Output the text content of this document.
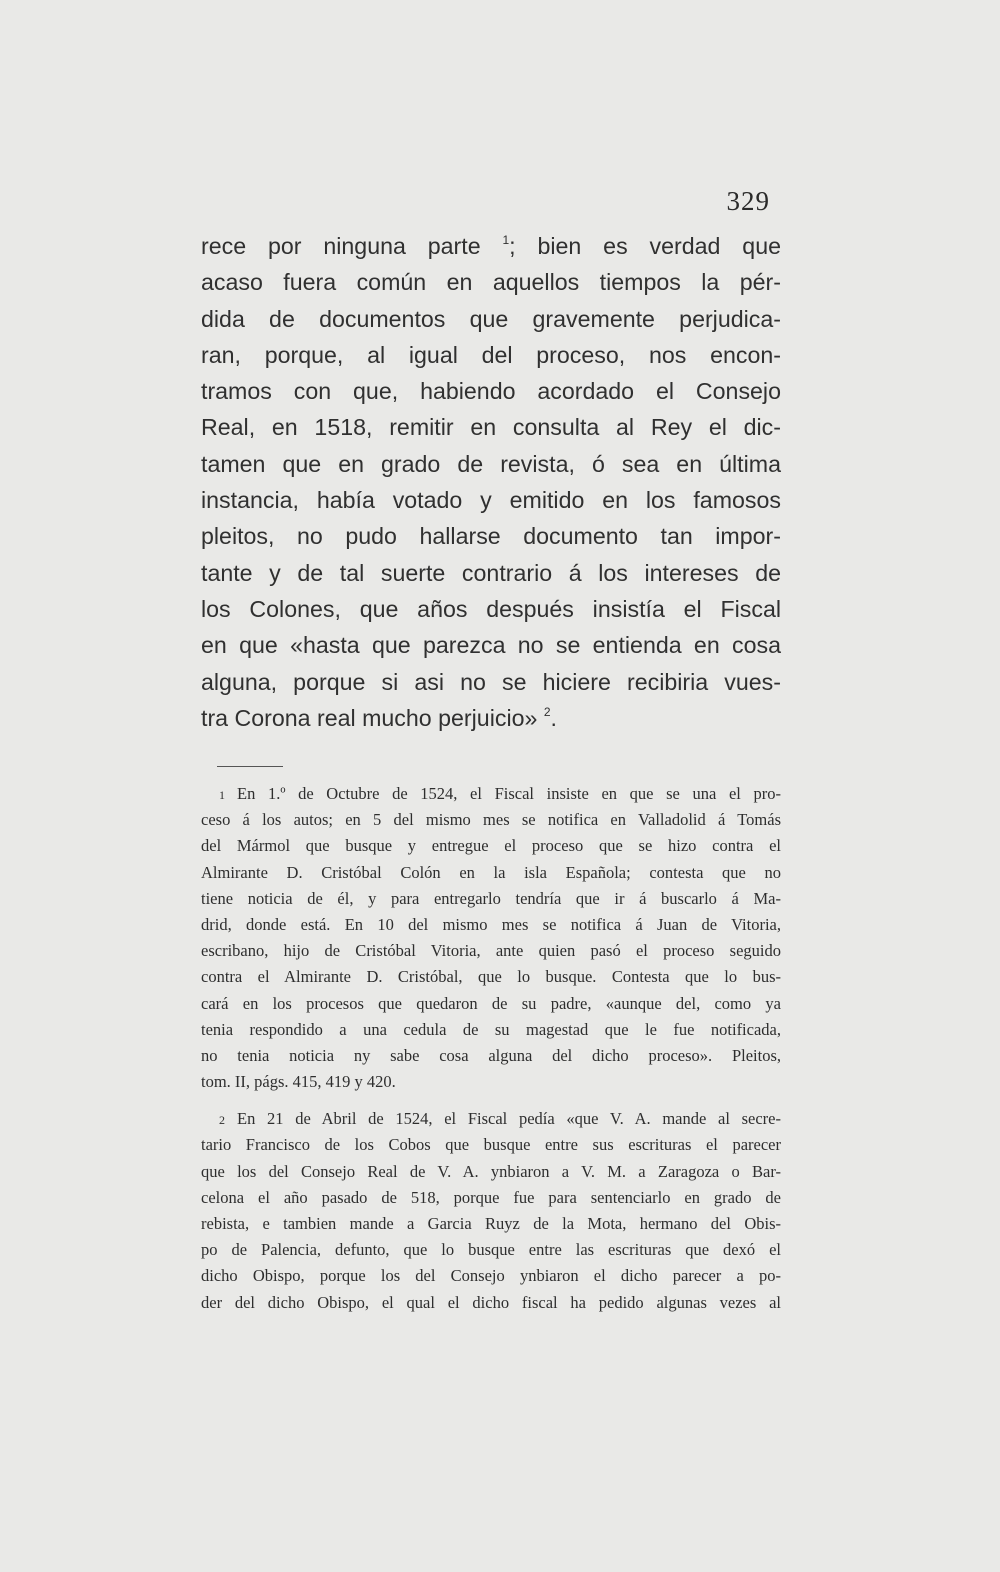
329
rece por ninguna parte $^1$; bien es verdad que
acaso fuera común en aquellos tiempos la pér-
dida de documentos que gravemente perjudica-
ran, porque, al igual del proceso, nos encon-
tramos con que, habiendo acordado el Consejo
Real, en 1518, remitir en consulta al Rey el dic-
tamen que en grado de revista, ó sea en última
instancia, había votado y emitido en los famosos
pleitos, no pudo hallarse documento tan impor-
tante y de tal suerte contrario á los intereses de
los Colones, que años después insistía el Fiscal
en que «hasta que parezca no se entienda en cosa
alguna, porque si asi no se hiciere recibiria vues-
tra Corona real mucho perjuicio» $^2$.
1 En 1.º de Octubre de 1524, el Fiscal insiste en que se una el pro-
ceso á los autos; en 5 del mismo mes se notifica en Valladolid á Tomás
del Mármol que busque y entregue el proceso que se hizo contra el
Almirante D. Cristóbal Colón en la isla Española; contesta que no
tiene noticia de él, y para entregarlo tendría que ir á buscarlo á Ma-
drid, donde está. En 10 del mismo mes se notifica á Juan de Vitoria,
escribano, hijo de Cristóbal Vitoria, ante quien pasó el proceso seguido
contra el Almirante D. Cristóbal, que lo busque. Contesta que lo bus-
cará en los procesos que quedaron de su padre, «aunque del, como ya
tenia respondido a una cedula de su magestad que le fue notificada,
no tenia noticia ny sabe cosa alguna del dicho proceso». Pleitos,
tom. II, págs. 415, 419 y 420.
2 En 21 de Abril de 1524, el Fiscal pedía «que V. A. mande al secre-
tario Francisco de los Cobos que busque entre sus escrituras el parecer
que los del Consejo Real de V. A. ynbiaron a V. M. a Zaragoza o Bar-
celona el año pasado de 518, porque fue para sentenciarlo en grado de
rebista, e tambien mande a Garcia Ruyz de la Mota, hermano del Obis-
po de Palencia, defunto, que lo busque entre las escrituras que dexó el
dicho Obispo, porque los del Consejo ynbiaron el dicho parecer a po-
der del dicho Obispo, el qual el dicho fiscal ha pedido algunas vezes al
